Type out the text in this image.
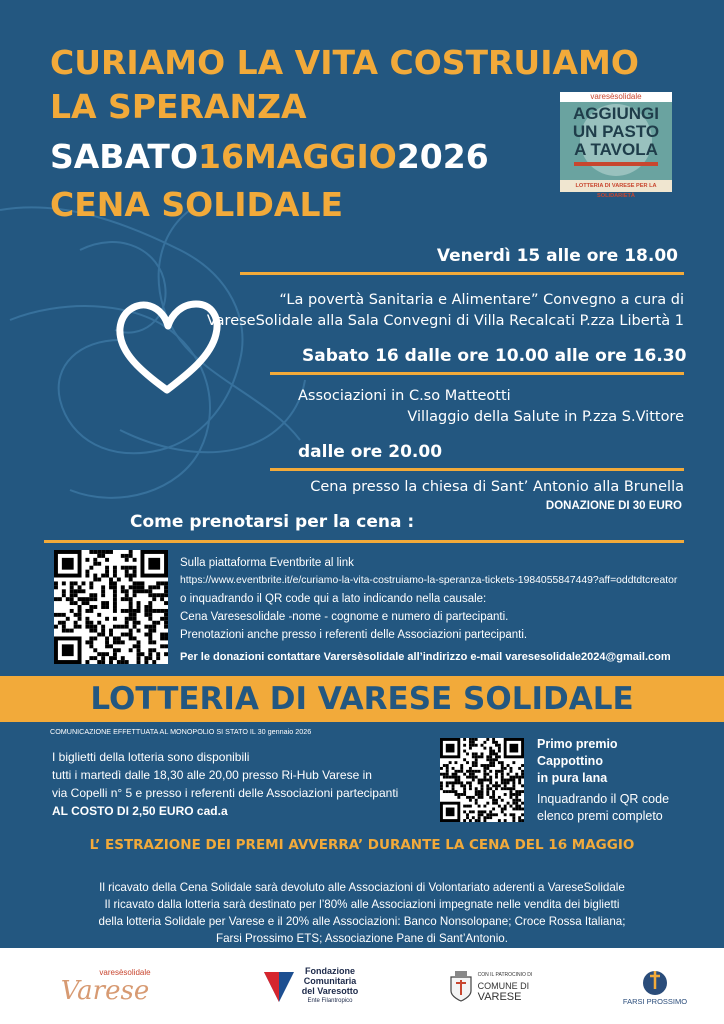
CURIAMO LA VITA COSTRUIAMO
LA SPERANZA
SABATO16MAGGIO2026
CENA SOLIDALE
varesèsolidale
AGGIUNGI
UN PASTO
A TAVOLA
LOTTERIA DI VARESE PER LA SOLIDARIETÀ
Venerdì 15 alle ore 18.00
“La povertà Sanitaria e Alimentare” Convegno a cura di
VareseSolidale alla Sala Convegni di Villa Recalcati P.zza Libertà 1
Sabato 16 dalle ore 10.00 alle ore 16.30
Associazioni in C.so Matteotti
Villaggio della Salute in P.zza S.Vittore
dalle ore 20.00
Cena presso la chiesa di Sant’ Antonio alla Brunella
DONAZIONE DI 30 EURO
Come prenotarsi per la cena :
Sulla piattaforma Eventbrite al link
https://www.eventbrite.it/e/curiamo-la-vita-costruiamo-la-speranza-tickets-1984055847449?aff=oddtdtcreator
o inquadrando il QR code qui a lato indicando nella causale:
Cena Varesesolidale -nome - cognome e numero di partecipanti.
Prenotazioni anche presso i referenti delle Associazioni partecipanti.
Per le donazioni contattare Varersèsolidale all’indirizzo e-mail varesesolidale2024@gmail.com
LOTTERIA DI VARESE SOLIDALE
COMUNICAZIONE EFFETTUATA AL MONOPOLIO SI STATO IL 30 gennaio 2026
I biglietti della lotteria sono disponibili
tutti i martedì dalle 18,30 alle 20,00 presso Ri-Hub Varese in
via Copelli n° 5 e presso i referenti delle Associazioni partecipanti
AL COSTO DI 2,50 EURO cad.a
Primo premio
Cappottino
in pura lana
Inquadrando il QR code
elenco premi completo
L’ ESTRAZIONE DEI PREMI AVVERRA’ DURANTE LA CENA DEL 16 MAGGIO
Il ricavato della Cena Solidale sarà devoluto alle Associazioni di Volontariato aderenti a VareseSolidale
Il ricavato dalla lotteria sarà destinato per l’80% alle Associazioni impegnate nelle vendita dei biglietti
della lotteria Solidale per Varese e il 20% alle Associazioni: Banco Nonsolopane; Croce Rossa Italiana;
Farsi Prossimo ETS; Associazione Pane di Sant’Antonio.
varesèsolidale
Varese
Fondazione
Comunitaria
del Varesotto
Ente Filantropico
CON IL PATROCINIO DI
COMUNE DI
VARESE	FARSI PROSSIMO
